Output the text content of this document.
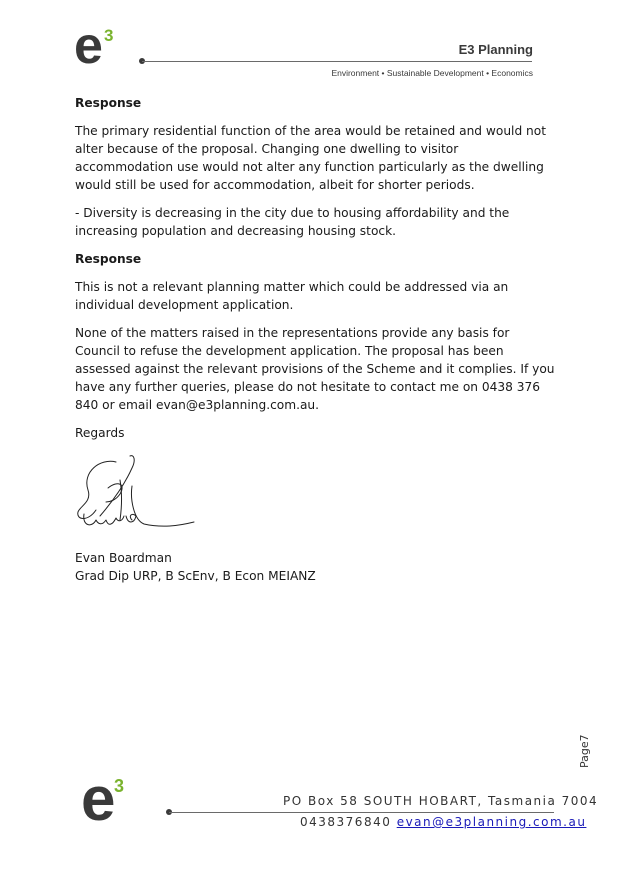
e 3
E3 Planning
Environment • Sustainable Development • Economics

Response

The primary residential function of the area would be retained and would not alter because of the proposal. Changing one dwelling to visitor accommodation use would not alter any function particularly as the dwelling would still be used for accommodation, albeit for shorter periods.

- Diversity is decreasing in the city due to housing affordability and the increasing population and decreasing housing stock.

Response

This is not a relevant planning matter which could be addressed via an individual development application.

None of the matters raised in the representations provide any basis for Council to refuse the development application. The proposal has been assessed against the relevant provisions of the Scheme and it complies. If you have any further queries, please do not hesitate to contact me on 0438 376 840 or email evan@e3planning.com.au.

Regards

Evan Boardman
Grad Dip URP, B ScEnv, B Econ MEIANZ
Page7
e
3
PO Box 58 SOUTH HOBART, Tasmania 7004
0438376840 evan@e3planning.com.au
